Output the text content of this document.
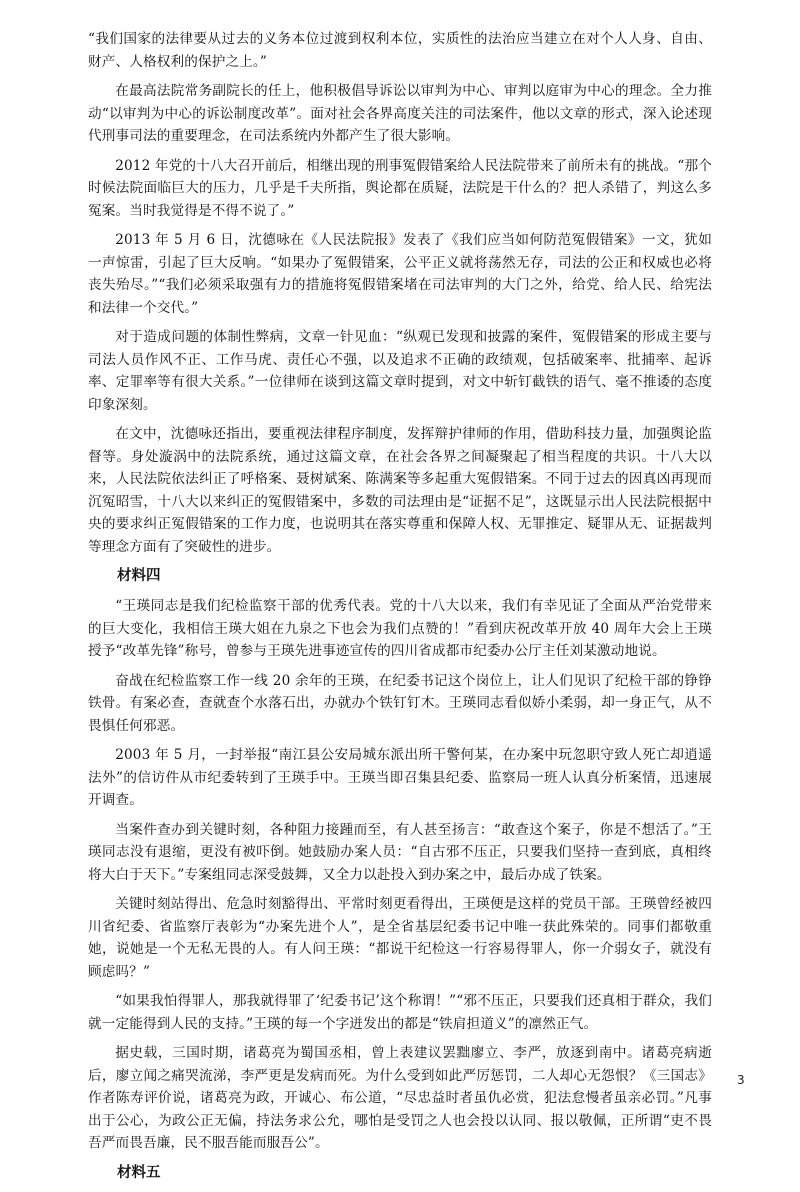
“我们国家的法律要从过去的义务本位过渡到权利本位，实质性的法治应当建立在对个人人身、自由、财产、人格权利的保护之上。”

在最高法院常务副院长的任上，他积极倡导诉讼以审判为中心、审判以庭审为中心的理念。全力推动“以审判为中心的诉讼制度改革”。面对社会各界高度关注的司法案件，他以文章的形式，深入论述现代刑事司法的重要理念，在司法系统内外都产生了很大影响。

2012 年党的十八大召开前后，相继出现的刑事冤假错案给人民法院带来了前所未有的挑战。“那个时候法院面临巨大的压力，几乎是千夫所指，舆论都在质疑，法院是干什么的？把人杀错了，判这么多冤案。当时我觉得是不得不说了。”

2013 年 5 月 6 日，沈德咏在《人民法院报》发表了《我们应当如何防范冤假错案》一文，犹如一声惊雷，引起了巨大反响。“如果办了冤假错案，公平正义就将荡然无存，司法的公正和权威也必将丧失殆尽。”“我们必须采取强有力的措施将冤假错案堵在司法审判的大门之外，给党、给人民、给宪法和法律一个交代。”

对于造成问题的体制性弊病，文章一针见血：“纵观已发现和披露的案件，冤假错案的形成主要与司法人员作风不正、工作马虎、责任心不强，以及追求不正确的政绩观，包括破案率、批捕率、起诉率、定罪率等有很大关系。”一位律师在谈到这篇文章时提到，对文中斩钉截铁的语气、毫不推诿的态度印象深刻。

在文中，沈德咏还指出，要重视法律程序制度，发挥辩护律师的作用，借助科技力量，加强舆论监督等。身处漩涡中的法院系统，通过这篇文章，在社会各界之间凝聚起了相当程度的共识。十八大以来，人民法院依法纠正了呼格案、聂树斌案、陈满案等多起重大冤假错案。不同于过去的因真凶再现而沉冤昭雪，十八大以来纠正的冤假错案中，多数的司法理由是“证据不足”，这既显示出人民法院根据中央的要求纠正冤假错案的工作力度，也说明其在落实尊重和保障人权、无罪推定、疑罪从无、证据裁判等理念方面有了突破性的进步。

材料四

“王瑛同志是我们纪检监察干部的优秀代表。党的十八大以来，我们有幸见证了全面从严治党带来的巨大变化，我相信王瑛大姐在九泉之下也会为我们点赞的！”看到庆祝改革开放 40 周年大会上王瑛授予“改革先锋”称号，曾参与王瑛先进事迹宣传的四川省成都市纪委办公厅主任刘某激动地说。

奋战在纪检监察工作一线 20 余年的王瑛，在纪委书记这个岗位上，让人们见识了纪检干部的铮铮铁骨。有案必查，查就查个水落石出，办就办个铁钉钉木。王瑛同志看似娇小柔弱，却一身正气，从不畏惧任何邪恶。

2003 年 5 月，一封举报“南江县公安局城东派出所干警何某，在办案中玩忽职守致人死亡却逍遥法外”的信访件从市纪委转到了王瑛手中。王瑛当即召集县纪委、监察局一班人认真分析案情，迅速展开调查。

当案件查办到关键时刻，各种阻力接踵而至，有人甚至扬言：“敢查这个案子，你是不想活了。”王瑛同志没有退缩，更没有被吓倒。她鼓励办案人员：“自古邪不压正，只要我们坚持一查到底，真相终将大白于天下。”专案组同志深受鼓舞，又全力以赴投入到办案之中，最后办成了铁案。

关键时刻站得出、危急时刻豁得出、平常时刻更看得出，王瑛便是这样的党员干部。王瑛曾经被四川省纪委、省监察厅表彰为“办案先进个人”，是全省基层纪委书记中唯一获此殊荣的。同事们都敬重她，说她是一个无私无畏的人。有人问王瑛：“都说干纪检这一行容易得罪人，你一介弱女子，就没有顾虑吗？”

“如果我怕得罪人，那我就得罪了‘纪委书记’这个称谓！”“邪不压正，只要我们还真相于群众，我们就一定能得到人民的支持。”王瑛的每一个字迸发出的都是“铁肩担道义”的凛然正气。

据史载，三国时期，诸葛亮为蜀国丞相，曾上表建议罢黜廖立、李严，放逐到南中。诸葛亮病逝后，廖立闻之痛哭流涕，李严更是发病而死。为什么受到如此严厉惩罚，二人却心无怨恨？《三国志》作者陈寿评价说，诸葛亮为政，开诚心、布公道，“尽忠益时者虽仇必赏，犯法怠慢者虽亲必罚。”凡事出于公心，为政公正无偏，持法务求公允，哪怕是受罚之人也会投以认同、报以敬佩，正所谓“吏不畏吾严而畏吾廉，民不服吾能而服吾公”。

材料五
3
